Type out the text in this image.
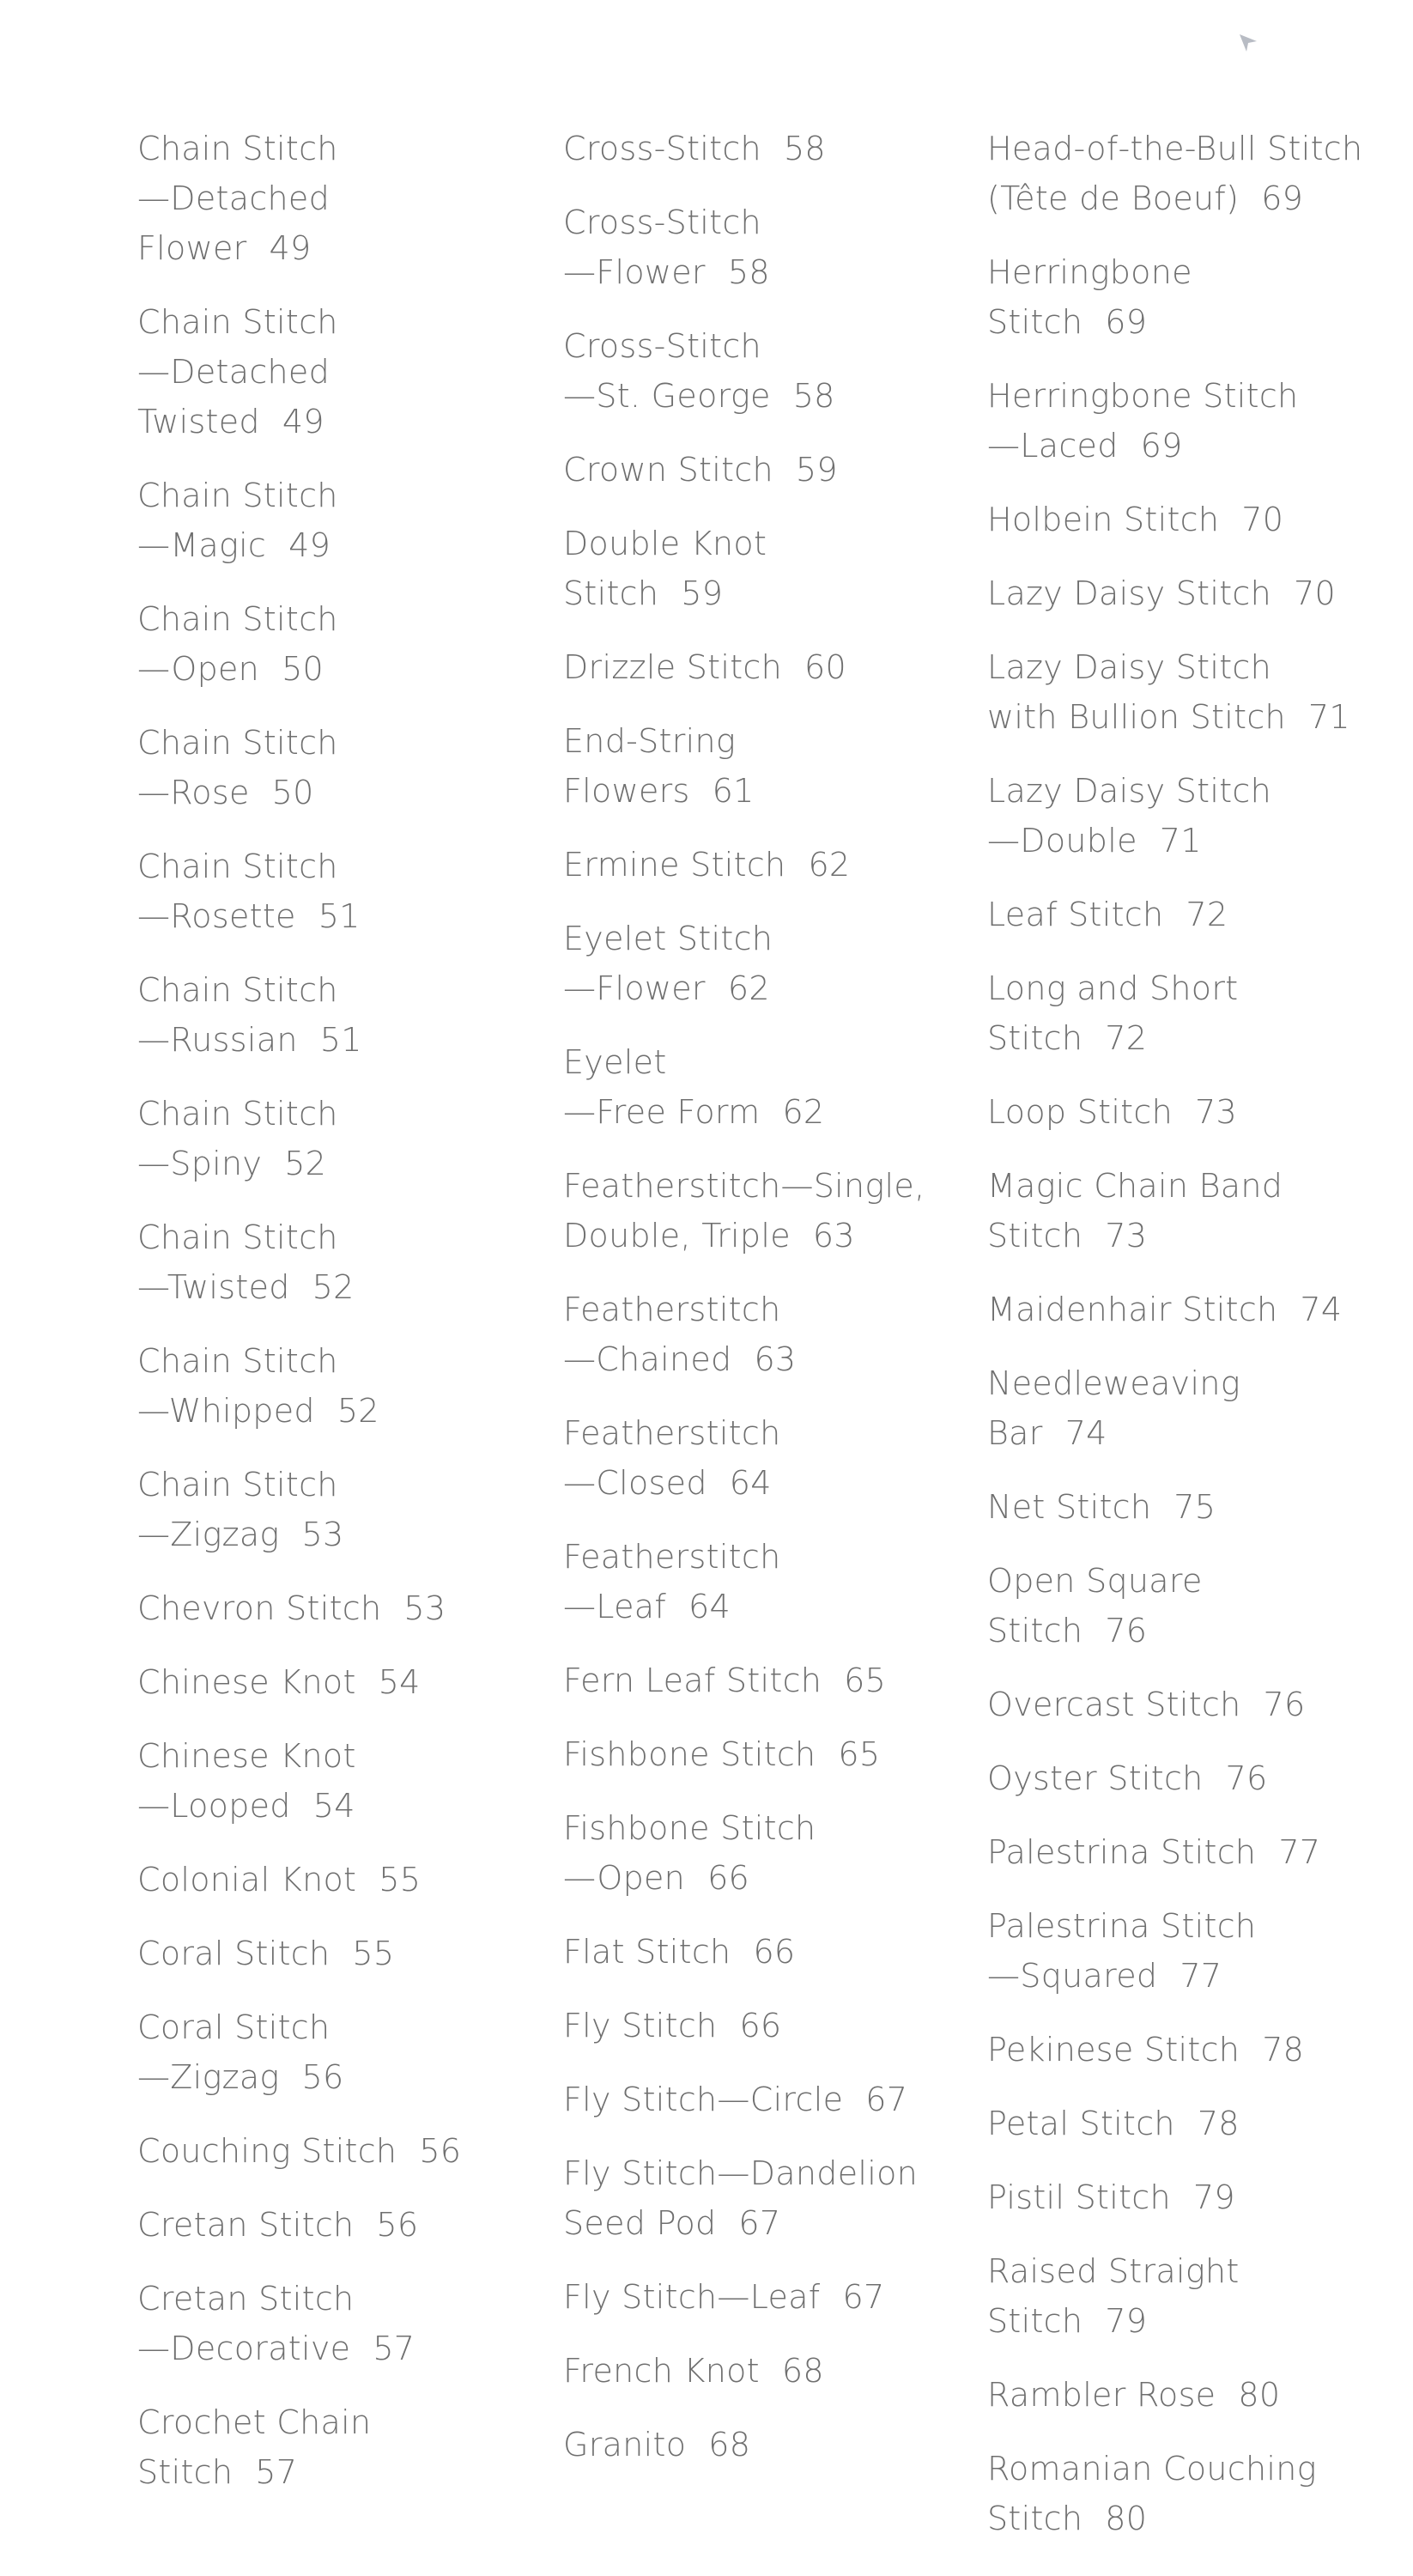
Chain Stitch
—Detached
Flower 49
Chain Stitch
—Detached
Twisted 49
Chain Stitch
—Magic 49
Chain Stitch
—Open 50
Chain Stitch
—Rose 50
Chain Stitch
—Rosette 51
Chain Stitch
—Russian 51
Chain Stitch
—Spiny 52
Chain Stitch
—Twisted 52
Chain Stitch
—Whipped 52
Chain Stitch
—Zigzag 53
Chevron Stitch 53
Chinese Knot 54
Chinese Knot
—Looped 54
Colonial Knot 55
Coral Stitch 55
Coral Stitch
—Zigzag 56
Couching Stitch 56
Cretan Stitch 56
Cretan Stitch
—Decorative 57
Crochet Chain
Stitch 57
Cross-Stitch 58
Cross-Stitch
—Flower 58
Cross-Stitch
—St. George 58
Crown Stitch 59
Double Knot
Stitch 59
Drizzle Stitch 60
End-String
Flowers 61
Ermine Stitch 62
Eyelet Stitch
—Flower 62
Eyelet
—Free Form 62
Featherstitch—Single,
Double, Triple 63
Featherstitch
—Chained 63
Featherstitch
—Closed 64
Featherstitch
—Leaf 64
Fern Leaf Stitch 65
Fishbone Stitch 65
Fishbone Stitch
—Open 66
Flat Stitch 66
Fly Stitch 66
Fly Stitch—Circle 67
Fly Stitch—Dandelion
Seed Pod 67
Fly Stitch—Leaf 67
French Knot 68
Granito 68
Head-of-the-Bull Stitch
(Tête de Boeuf) 69
Herringbone
Stitch 69
Herringbone Stitch
—Laced 69
Holbein Stitch 70
Lazy Daisy Stitch 70
Lazy Daisy Stitch
with Bullion Stitch 71
Lazy Daisy Stitch
—Double 71
Leaf Stitch 72
Long and Short
Stitch 72
Loop Stitch 73
Magic Chain Band
Stitch 73
Maidenhair Stitch 74
Needleweaving
Bar 74
Net Stitch 75
Open Square
Stitch 76
Overcast Stitch 76
Oyster Stitch 76
Palestrina Stitch 77
Palestrina Stitch
—Squared 77
Pekinese Stitch 78
Petal Stitch 78
Pistil Stitch 79
Raised Straight
Stitch 79
Rambler Rose 80
Romanian Couching
Stitch 80
